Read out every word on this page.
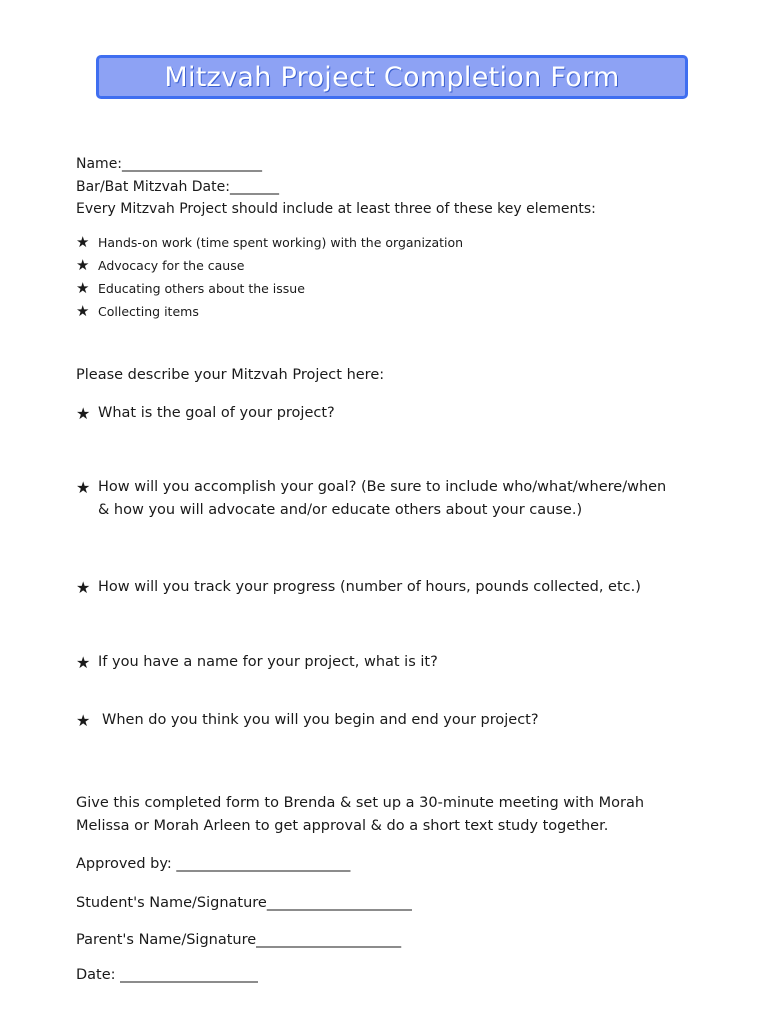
Mitzvah Project Completion Form
Name:____________________
Bar/Bat Mitzvah Date:_______
Every Mitzvah Project should include at least three of these key elements:
★ Hands-on work (time spent working) with the organization
★ Advocacy for the cause
★ Educating others about the issue
★ Collecting items
Please describe your Mitzvah Project here:
★ What is the goal of your project?
★ How will you accomplish your goal? (Be sure to include who/what/where/when
& how you will advocate and/or educate others about your cause.)
★ How will you track your progress (number of hours, pounds collected, etc.)
★ If you have a name for your project, what is it?
★ When do you think you will you begin and end your project?
Give this completed form to Brenda & set up a 30-minute meeting with Morah
Melissa or Morah Arleen to get approval & do a short text study together.
Approved by: ________________________
Student's Name/Signature____________________
Parent's Name/Signature____________________
Date: ___________________
